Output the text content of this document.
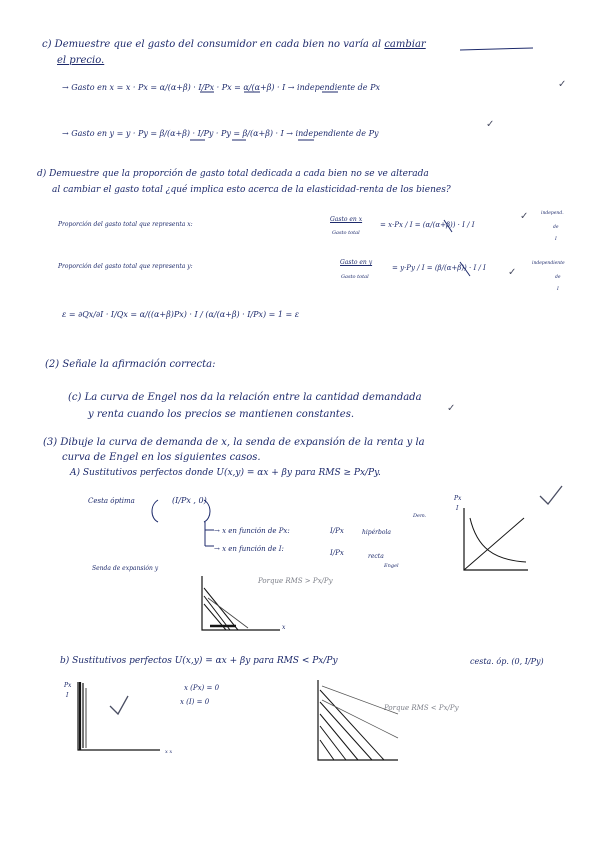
c) Demuestre que el gasto del consumidor en cada bien no varía al cambiar
el precio.
→ Gasto en x = x · Px = α/(α+β) · I/Px · Px = α/(α+β) · I → independiente de Px	✓
→ Gasto en y = y · Py = β/(α+β) · I/Py · Py = β/(α+β) · I → independiente de Py
✓
d) Demuestre que la proporción de gasto total dedicada a cada bien no se ve alterada
al cambiar el gasto total ¿qué implica esto acerca de la elasticidad-renta de los bienes?
Proporción del gasto total que representa x:
Gasto en x
Gasto total
= x·Px / I = (α/(α+β)) · I / I
✓	independ.
de
I
Proporción del gasto total que representa y:
Gasto en y
Gasto total
= y·Py / I = (β/(α+β)) · I / I ✓
independiente
de
I
ε = ∂Qx/∂I · I/Qx = α/((α+β)Px) · I / (α/(α+β) · I/Px) = 1 = ε
(2) Señale la afirmación correcta:
(c) La curva de Engel nos da la relación entre la cantidad demandada
y renta cuando los precios se mantienen constantes.
✓
(3) Dibuje la curva de demanda de x, la senda de expansión de la renta y la
curva de Engel en los siguientes casos.
A) Sustitutivos perfectos donde U(x,y) = αx + βy para RMS ≥ Px/Py.
Cesta óptima	(I/Px , 0)
→ x en función de Px:	I/Px	hipérbola
→ x en función de I:	I/Px	recta
Dem.
Engel
Senda de expansión y
Porque RMS > Px/Py
Px
I
x
b) Sustitutivos perfectos U(x,y) = αx + βy para RMS < Px/Py	cesta. óp. (0, I/Py)
Px
I
x (Px) = 0
x (I) = 0
Porque RMS < Px/Py
x x
